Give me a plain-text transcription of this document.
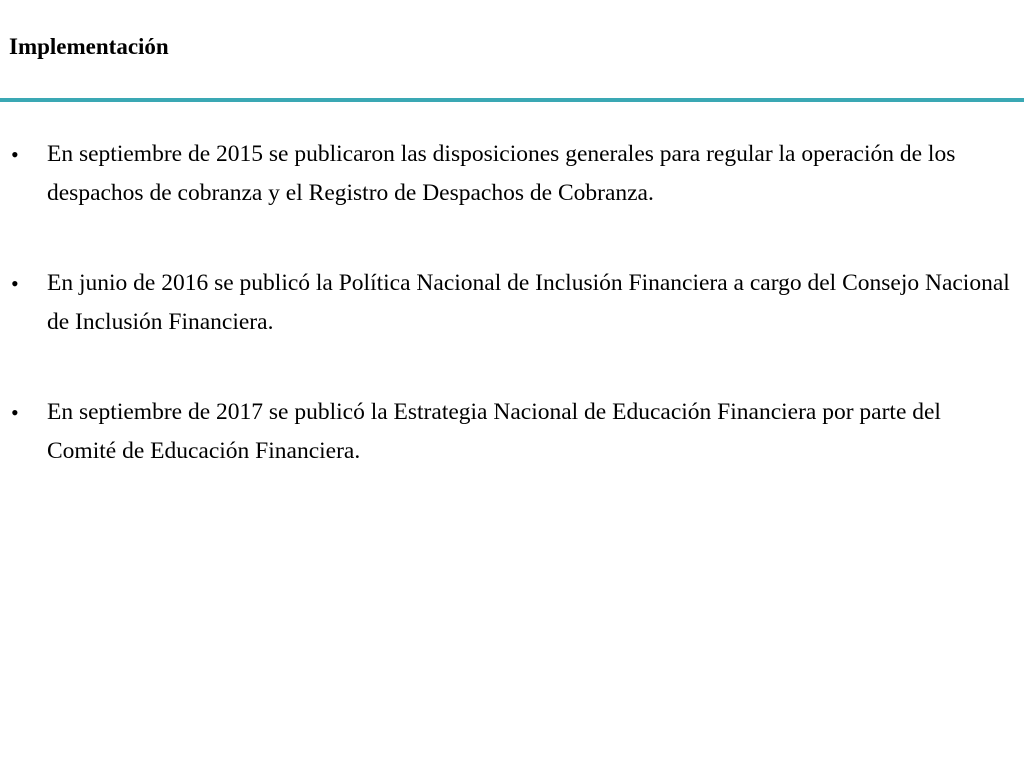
Implementación
• En septiembre de 2015 se publicaron las disposiciones generales para regular la operación de los despachos de cobranza y el Registro de Despachos de Cobranza.
• En junio de 2016 se publicó la Política Nacional de Inclusión Financiera a cargo del Consejo Nacional de Inclusión Financiera.
• En septiembre de 2017 se publicó la Estrategia Nacional de Educación Financiera por parte del Comité de Educación Financiera.
